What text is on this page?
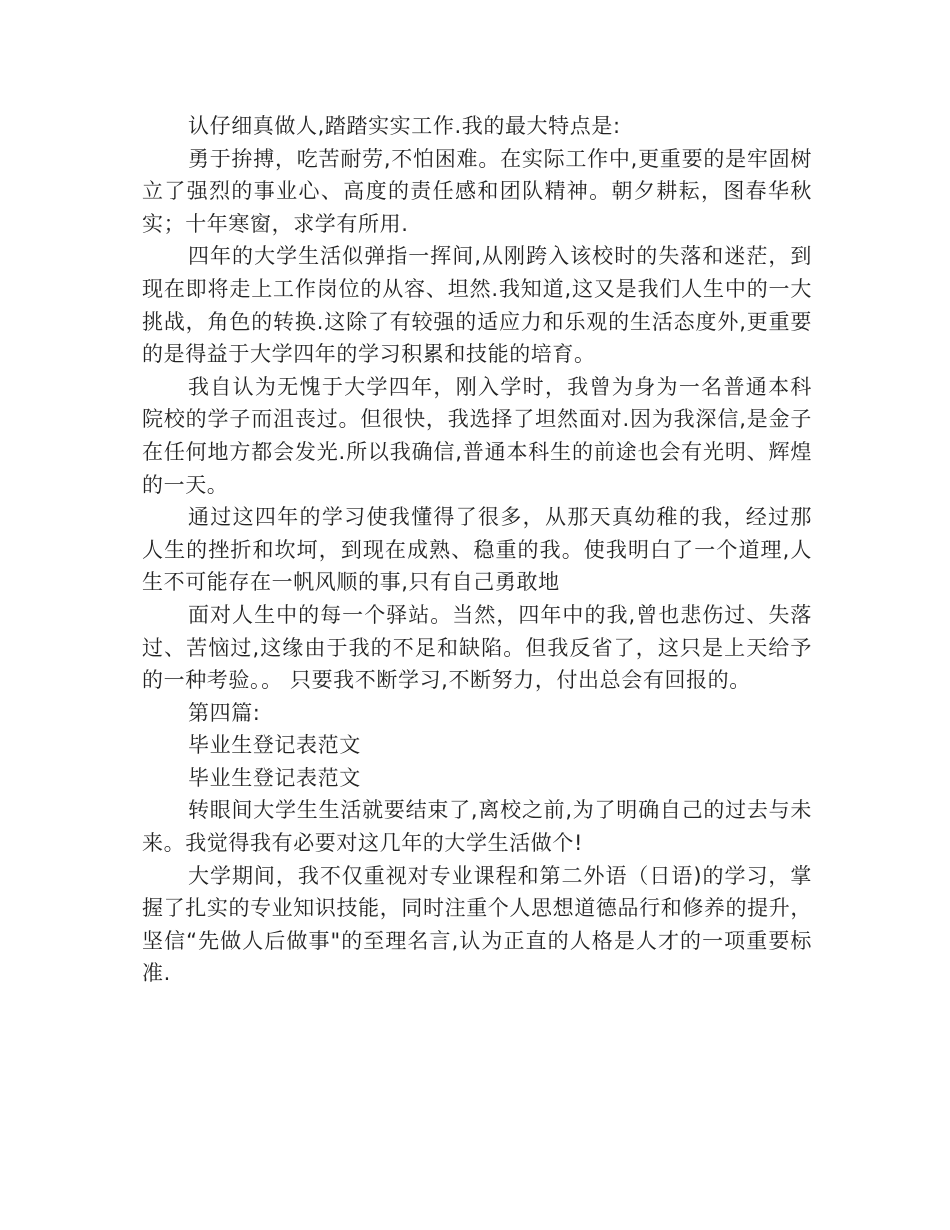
认仔细真做人,踏踏实实工作.我的最大特点是:

勇于拚搏，吃苦耐劳,不怕困难。在实际工作中,更重要的是牢固树立了强烈的事业心、高度的责任感和团队精神。朝夕耕耘，图春华秋实；十年寒窗，求学有所用.

四年的大学生活似弹指一挥间,从刚跨入该校时的失落和迷茫，到现在即将走上工作岗位的从容、坦然.我知道,这又是我们人生中的一大挑战，角色的转换.这除了有较强的适应力和乐观的生活态度外,更重要的是得益于大学四年的学习积累和技能的培育。

我自认为无愧于大学四年，刚入学时，我曾为身为一名普通本科院校的学子而沮丧过。但很快，我选择了坦然面对.因为我深信,是金子在任何地方都会发光.所以我确信,普通本科生的前途也会有光明、辉煌的一天。

通过这四年的学习使我懂得了很多，从那天真幼稚的我，经过那人生的挫折和坎坷，到现在成熟、稳重的我。使我明白了一个道理,人生不可能存在一帆风顺的事,只有自己勇敢地

面对人生中的每一个驿站。当然，四年中的我,曾也悲伤过、失落过、苦恼过,这缘由于我的不足和缺陷。但我反省了，这只是上天给予的一种考验。。 只要我不断学习,不断努力，付出总会有回报的。

第四篇:

毕业生登记表范文

毕业生登记表范文

转眼间大学生生活就要结束了,离校之前,为了明确自己的过去与未来。我觉得我有必要对这几年的大学生活做个!

大学期间，我不仅重视对专业课程和第二外语（日语)的学习，掌握了扎实的专业知识技能，同时注重个人思想道德品行和修养的提升，坚信“先做人后做事"的至理名言,认为正直的人格是人才的一项重要标准.
